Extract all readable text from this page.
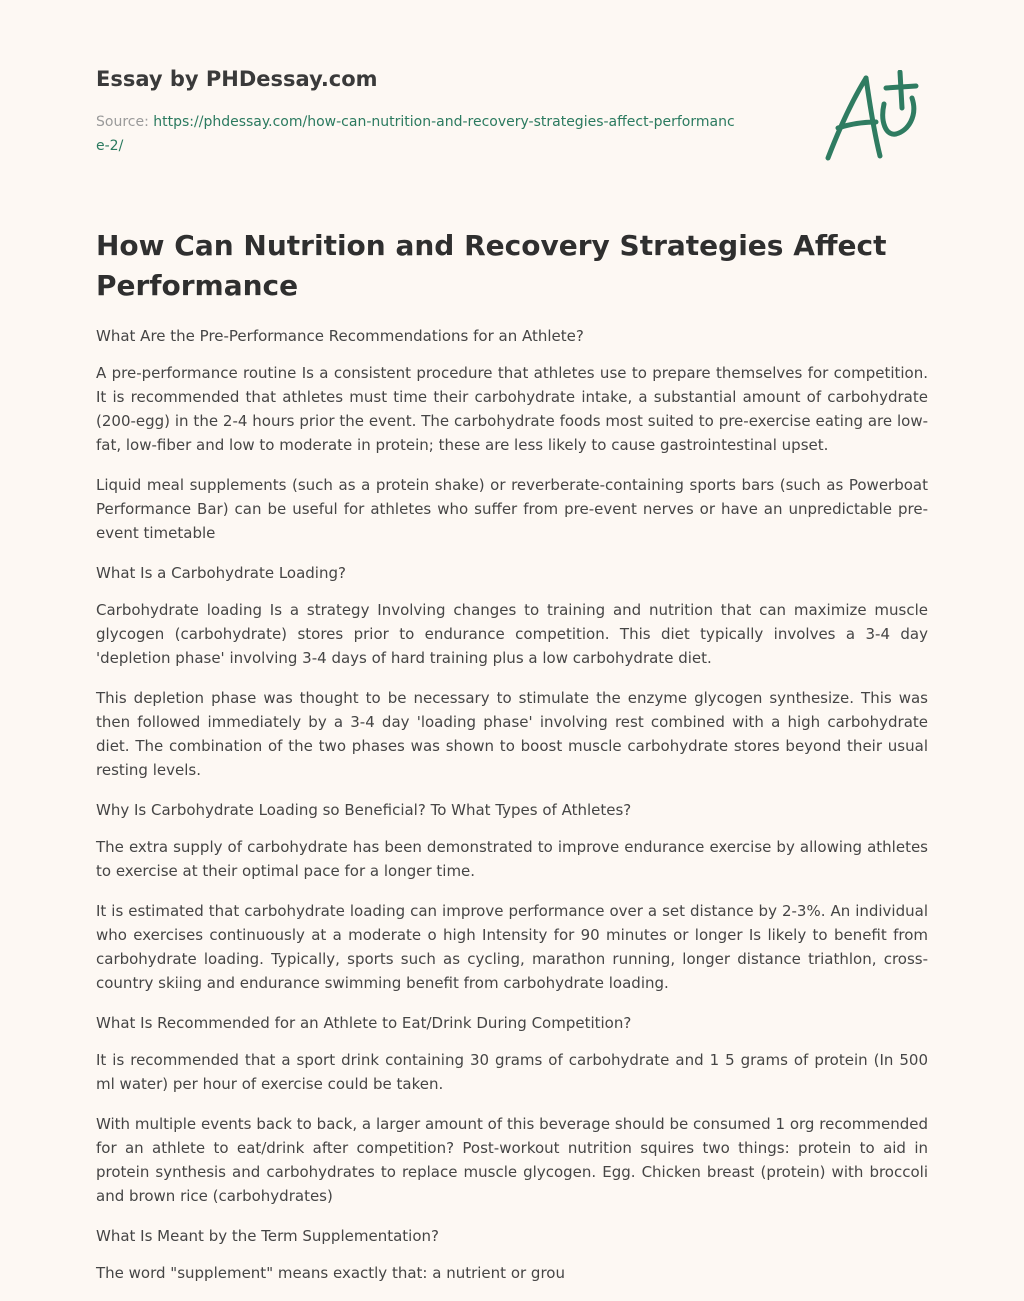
Essay by PHDessay.com
Source: https://phdessay.com/how-can-nutrition-and-recovery-strategies-affect-performance-2/
How Can Nutrition and Recovery Strategies Affect Performance

What Are the Pre-Performance Recommendations for an Athlete?

A pre-performance routine Is a consistent procedure that athletes use to prepare themselves for competition. It is recommended that athletes must time their carbohydrate intake, a substantial amount of carbohydrate (200-egg) in the 2-4 hours prior the event. The carbohydrate foods most suited to pre-exercise eating are low-fat, low-fiber and low to moderate in protein; these are less likely to cause gastrointestinal upset.

Liquid meal supplements (such as a protein shake) or reverberate-containing sports bars (such as Powerboat Performance Bar) can be useful for athletes who suffer from pre-event nerves or have an unpredictable pre-event timetable

What Is a Carbohydrate Loading?

Carbohydrate loading Is a strategy Involving changes to training and nutrition that can maximize muscle glycogen (carbohydrate) stores prior to endurance competition. This diet typically involves a 3-4 day 'depletion phase' involving 3-4 days of hard training plus a low carbohydrate diet.

This depletion phase was thought to be necessary to stimulate the enzyme glycogen synthesize. This was then followed immediately by a 3-4 day 'loading phase' involving rest combined with a high carbohydrate diet. The combination of the two phases was shown to boost muscle carbohydrate stores beyond their usual resting levels.

Why Is Carbohydrate Loading so Beneficial? To What Types of Athletes?

The extra supply of carbohydrate has been demonstrated to improve endurance exercise by allowing athletes to exercise at their optimal pace for a longer time.

It is estimated that carbohydrate loading can improve performance over a set distance by 2-3%. An individual who exercises continuously at a moderate o high Intensity for 90 minutes or longer Is likely to benefit from carbohydrate loading. Typically, sports such as cycling, marathon running, longer distance triathlon, cross-country skiing and endurance swimming benefit from carbohydrate loading.

What Is Recommended for an Athlete to Eat/Drink During Competition?

It is recommended that a sport drink containing 30 grams of carbohydrate and 1 5 grams of protein (In 500 ml water) per hour of exercise could be taken.

With multiple events back to back, a larger amount of this beverage should be consumed 1 org recommended for an athlete to eat/drink after competition? Post-workout nutrition squires two things: protein to aid in protein synthesis and carbohydrates to replace muscle glycogen. Egg. Chicken breast (protein) with broccoli and brown rice (carbohydrates)

What Is Meant by the Term Supplementation?

The word "supplement" means exactly that: a nutrient or grou
